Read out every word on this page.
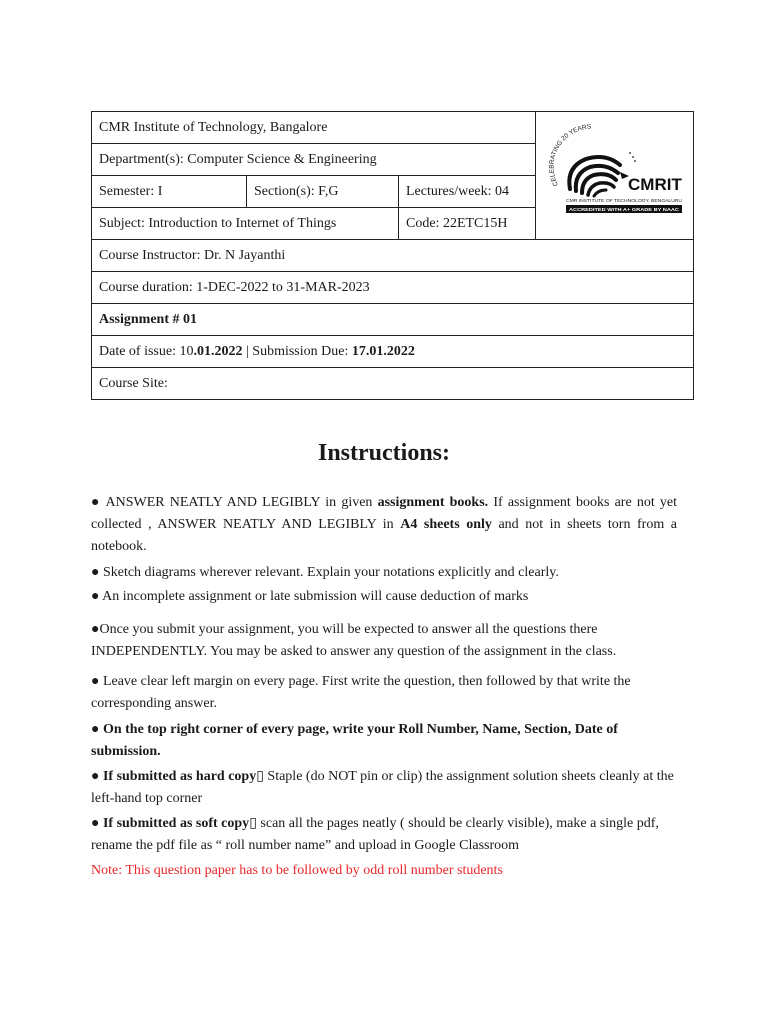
CMR Institute of Technology, Bangalore			CELEBRATING 20 YEARS
CMRIT
CMR INSTITUTE OF TECHNOLOGY, BENGALURU
ACCREDITED WITH A+ GRADE BY NAAC

Department(s): Computer Science & Engineering			
Semester: I	Section(s): F,G	Lectures/week: 04	
Subject: Introduction to Internet of Things		Code: 22ETC15H	
Course Instructor: Dr. N Jayanthi			
Course duration: 1-DEC-2022 to 31-MAR-2023			
Assignment # 01			
Date of issue: 10.01.2022 | Submission Due: 17.01.2022			
Course Site:			
Instructions:
● ANSWER NEATLY AND LEGIBLY in given assignment books. If assignment books are not yet collected , ANSWER NEATLY AND LEGIBLY in A4 sheets only and not in sheets torn from a notebook.
● Sketch diagrams wherever relevant. Explain your notations explicitly and clearly.
● An incomplete assignment or late submission will cause deduction of marks
●Once you submit your assignment, you will be expected to answer all the questions there INDEPENDENTLY. You may be asked to answer any question of the assignment in the class.
● Leave clear left margin on every page. First write the question, then followed by that write the corresponding answer.
● On the top right corner of every page, write your Roll Number, Name, Section, Date of submission.
● If submitted as hard copy▯ Staple (do NOT pin or clip) the assignment solution sheets cleanly at the left-hand top corner
● If submitted as soft copy▯ scan all the pages neatly ( should be clearly visible), make a single pdf, rename the pdf file as “ roll number name” and upload in Google Classroom
Note: This question paper has to be followed by odd roll number students
